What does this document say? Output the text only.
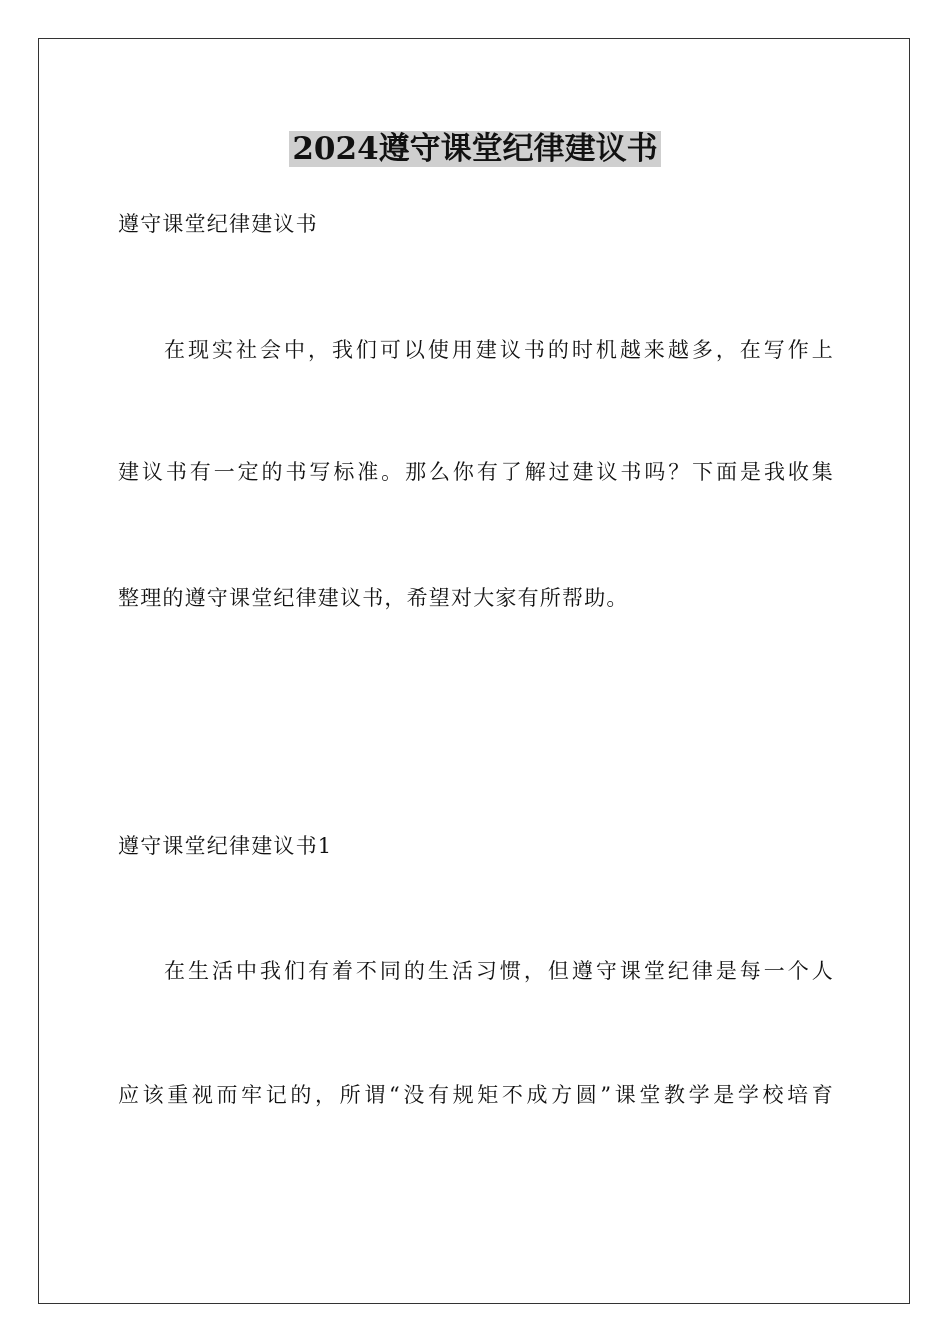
2024遵守课堂纪律建议书

遵守课堂纪律建议书

在现实社会中，我们可以使用建议书的时机越来越多，在写作上

建议书有一定的书写标准。那么你有了解过建议书吗？下面是我收集

整理的遵守课堂纪律建议书，希望对大家有所帮助。

遵守课堂纪律建议书1

在生活中我们有着不同的生活习惯，但遵守课堂纪律是每一个人

应该重视而牢记的，所谓“没有规矩不成方圆”课堂教学是学校培育
